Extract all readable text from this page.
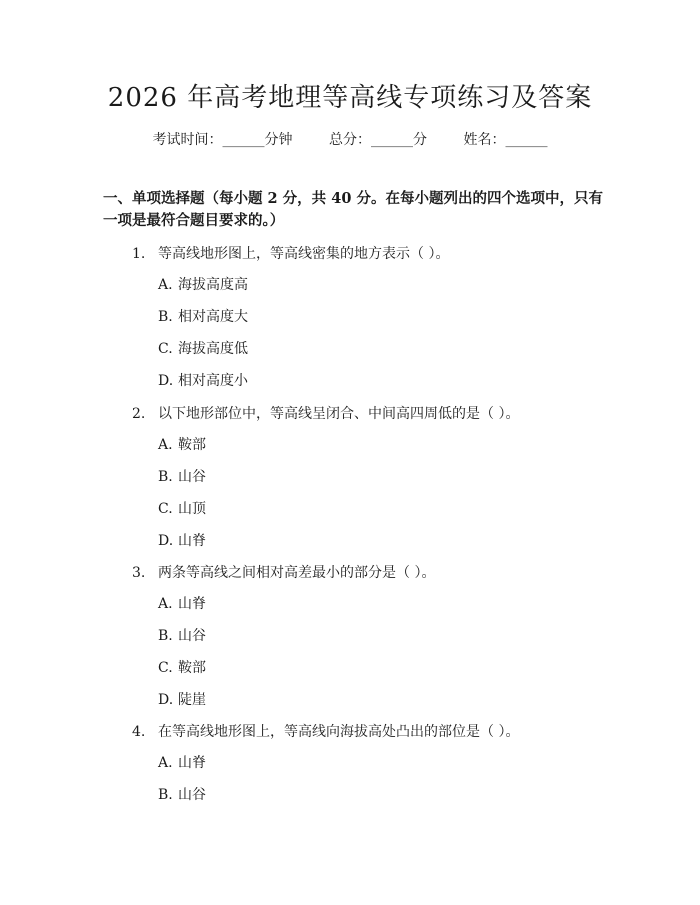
2026 年高考地理等高线专项练习及答案
考试时间：______分钟	总分：______分	姓名：______
一、单项选择题（每小题 2 分，共 40 分。在每小题列出的四个选项中，只有一项是最符合题目要求的。）
1. 等高线地形图上，等高线密集的地方表示（ ）。
A. 海拔高度高
B. 相对高度大
C. 海拔高度低
D. 相对高度小
2. 以下地形部位中，等高线呈闭合、中间高四周低的是（ ）。
A. 鞍部
B. 山谷
C. 山顶
D. 山脊
3. 两条等高线之间相对高差最小的部分是（ ）。
A. 山脊
B. 山谷
C. 鞍部
D. 陡崖
4. 在等高线地形图上，等高线向海拔高处凸出的部位是（ ）。
A. 山脊
B. 山谷
